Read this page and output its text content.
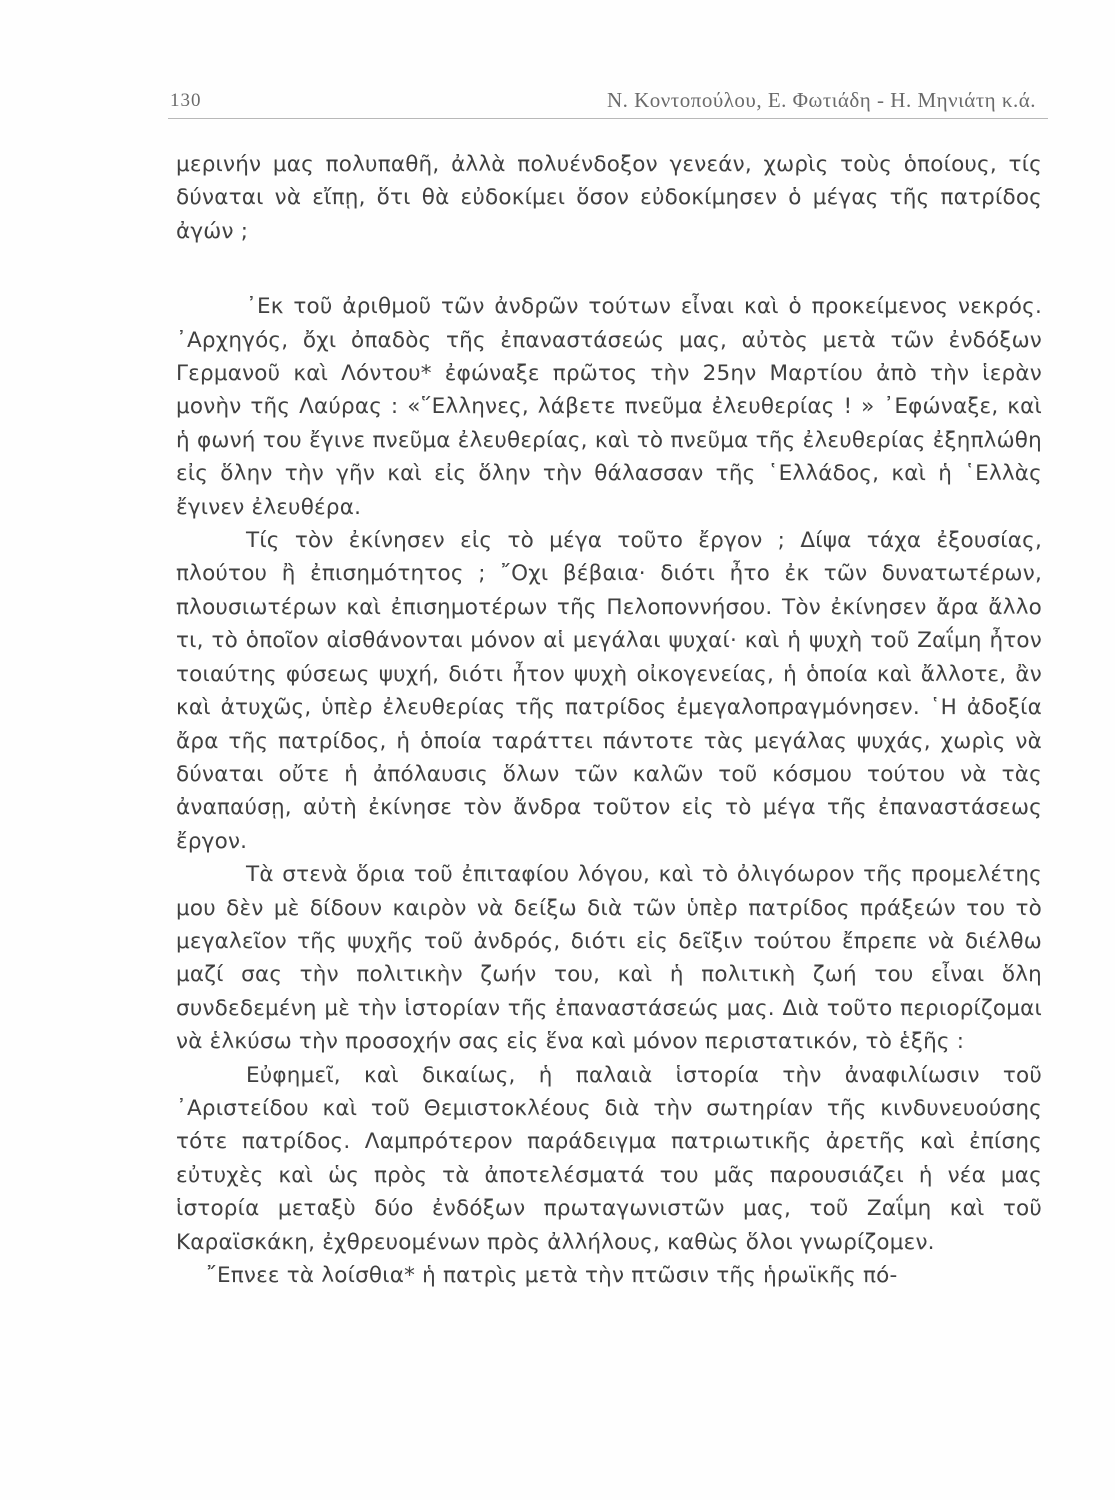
130	Ν. Κοντοπούλου, Ε. Φωτιάδη - Η. Μηνιάτη κ.ά.

μερινήν μας πολυπαθῆ, ἀλλὰ πολυένδοξον γενεάν, χωρὶς τοὺς ὁποίους, τίς δύναται νὰ εἴπῃ, ὅτι θὰ εὐδοκίμει ὅσον εὐδοκίμησεν ὁ μέγας τῆς πατρίδος ἀγών ;

᾿Εκ τοῦ ἀριθμοῦ τῶν ἀνδρῶν τούτων εἶναι καὶ ὁ προκείμενος νεκρός. ᾿Αρχηγός, ὄχι ὀπαδὸς τῆς ἐπαναστάσεώς μας, αὐτὸς μετὰ τῶν ἐνδόξων Γερμανοῦ καὶ Λόντου* ἐφώναξε πρῶτος τὴν 25ην Μαρτίου ἀπὸ τὴν ἱερὰν μονὴν τῆς Λαύρας : «῞Ελληνες, λάβετε πνεῦμα ἐλευθερίας ! » ᾿Εφώναξε, καὶ ἡ φωνή του ἔγινε πνεῦμα ἐλευθερίας, καὶ τὸ πνεῦμα τῆς ἐλευθερίας ἐξηπλώθη εἰς ὅλην τὴν γῆν καὶ εἰς ὅλην τὴν θάλασσαν τῆς ῾Ελλάδος, καὶ ἡ ῾Ελλὰς ἔγινεν ἐλευθέρα.

Τίς τὸν ἐκίνησεν εἰς τὸ μέγα τοῦτο ἔργον ; Δίψα τάχα ἐξουσίας, πλούτου ἢ ἐπισημότητος ; ῎Οχι βέβαια· διότι ἦτο ἐκ τῶν δυνατωτέρων, πλουσιωτέρων καὶ ἐπισημοτέρων τῆς Πελοποννήσου. Τὸν ἐκίνησεν ἄρα ἄλλο τι, τὸ ὁποῖον αἰσθάνονται μόνον αἱ μεγάλαι ψυχαί· καὶ ἡ ψυχὴ τοῦ Ζαΐμη ἦτον τοιαύτης φύσεως ψυχή, διότι ἦτον ψυχὴ οἰκογενείας, ἡ ὁποία καὶ ἄλλοτε, ἂν καὶ ἀτυχῶς, ὑπὲρ ἐλευθερίας τῆς πατρίδος ἐμεγαλοπραγμόνησεν. ῾Η ἀδοξία ἄρα τῆς πατρίδος, ἡ ὁποία ταράττει πάντοτε τὰς μεγάλας ψυχάς, χωρὶς νὰ δύναται οὔτε ἡ ἀπόλαυσις ὅλων τῶν καλῶν τοῦ κόσμου τούτου νὰ τὰς ἀναπαύσῃ, αὐτὴ ἐκίνησε τὸν ἄνδρα τοῦτον εἰς τὸ μέγα τῆς ἐπαναστάσεως ἔργον.

Τὰ στενὰ ὅρια τοῦ ἐπιταφίου λόγου, καὶ τὸ ὀλιγόωρον τῆς προμελέτης μου δὲν μὲ δίδουν καιρὸν νὰ δείξω διὰ τῶν ὑπὲρ πατρίδος πράξεών του τὸ μεγαλεῖον τῆς ψυχῆς τοῦ ἀνδρός, διότι εἰς δεῖξιν τούτου ἔπρεπε νὰ διέλθω μαζί σας τὴν πολιτικὴν ζωήν του, καὶ ἡ πολιτικὴ ζωή του εἶναι ὅλη συνδεδεμένη μὲ τὴν ἱστορίαν τῆς ἐπαναστάσεώς μας. Διὰ τοῦτο περιορίζομαι νὰ ἑλκύσω τὴν προσοχήν σας εἰς ἕνα καὶ μόνον περιστατικόν, τὸ ἑξῆς :

Εὐφημεῖ, καὶ δικαίως, ἡ παλαιὰ ἱστορία τὴν ἀναφιλίωσιν τοῦ ᾿Αριστείδου καὶ τοῦ Θεμιστοκλέους διὰ τὴν σωτηρίαν τῆς κινδυνευούσης τότε πατρίδος. Λαμπρότερον παράδειγμα πατριωτικῆς ἀρετῆς καὶ ἐπίσης εὐτυχὲς καὶ ὡς πρὸς τὰ ἀποτελέσματά του μᾶς παρουσιάζει ἡ νέα μας ἱστορία μεταξὺ δύο ἐνδόξων πρωταγωνιστῶν μας, τοῦ Ζαΐμη καὶ τοῦ Καραϊσκάκη, ἐχθρευομένων πρὸς ἀλλήλους, καθὼς ὅλοι γνωρίζομεν.

῎Επνεε τὰ λοίσθια* ἡ πατρὶς μετὰ τὴν πτῶσιν τῆς ἡρωϊκῆς πό-
